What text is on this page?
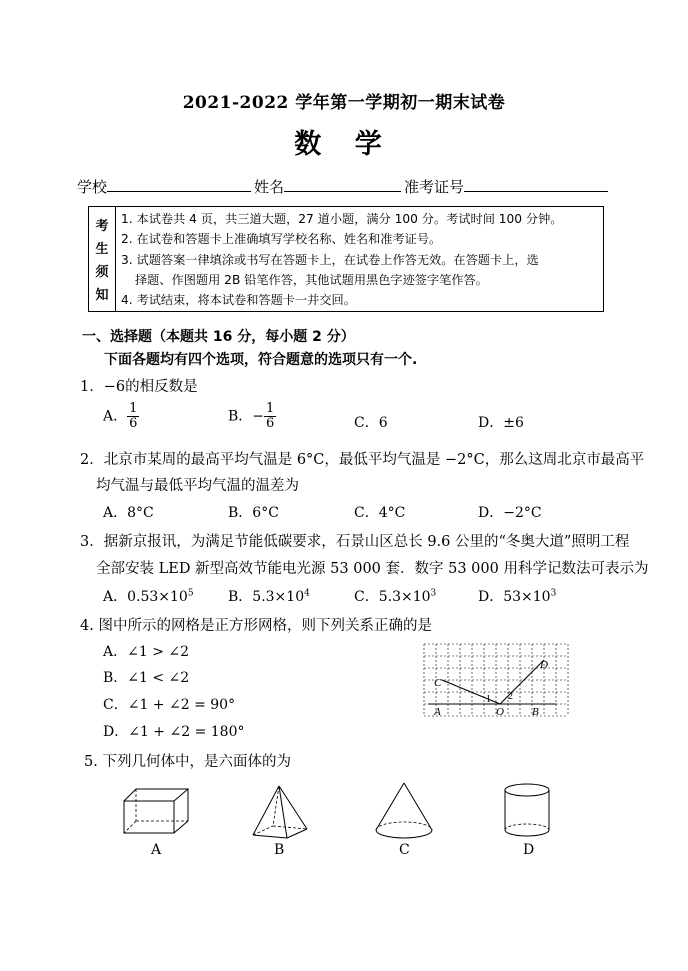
2021-2022 学年第一学期初一期末试卷
数 学
学校	姓名	准考证号
考
生
须
知
1. 本试卷共 4 页，共三道大题，27 道小题，满分 100 分。考试时间 100 分钟。
2. 在试卷和答题卡上准确填写学校名称、姓名和准考证号。
3. 试题答案一律填涂或书写在答题卡上，在试卷上作答无效。在答题卡上，选
择题、作图题用 2B 铅笔作答，其他试题用黑色字迹签字笔作答。
4. 考试结束，将本试卷和答题卡一并交回。
一、选择题（本题共 16 分，每小题 2 分）
下面各题均有四个选项，符合题意的选项只有一个.
1．−6的相反数是
A． $\frac{1}{6}$	B．− $\frac{1}{6}$	C．6	D．±6
2．北京市某周的最高平均气温是 6°C，最低平均气温是 −2°C，那么这周北京市最高平
均气温与最低平均气温的温差为
A．8°C	B．6°C	C．4°C	D．−2°C
3．据新京报讯，为满足节能低碳要求，石景山区总长 9.6 公里的“冬奥大道”照明工程
全部安装 LED 新型高效节能电光源 53 000 套．数字 53 000 用科学记数法可表示为
A．$0.53\times 10^5$ B．$5.3\times 10^4$	C．$5.3\times 10^3$	D．$53\times 10^3$
4. 图中所示的网格是正方形网格，则下列关系正确的是
A．∠1 > ∠2
B．∠1 < ∠2
C．∠1 + ∠2 = 90°
D．∠1 + ∠2 = 180°
A	O	B
C
D
1 2
5. 下列几何体中，是六面体的为
A	B	C	D
